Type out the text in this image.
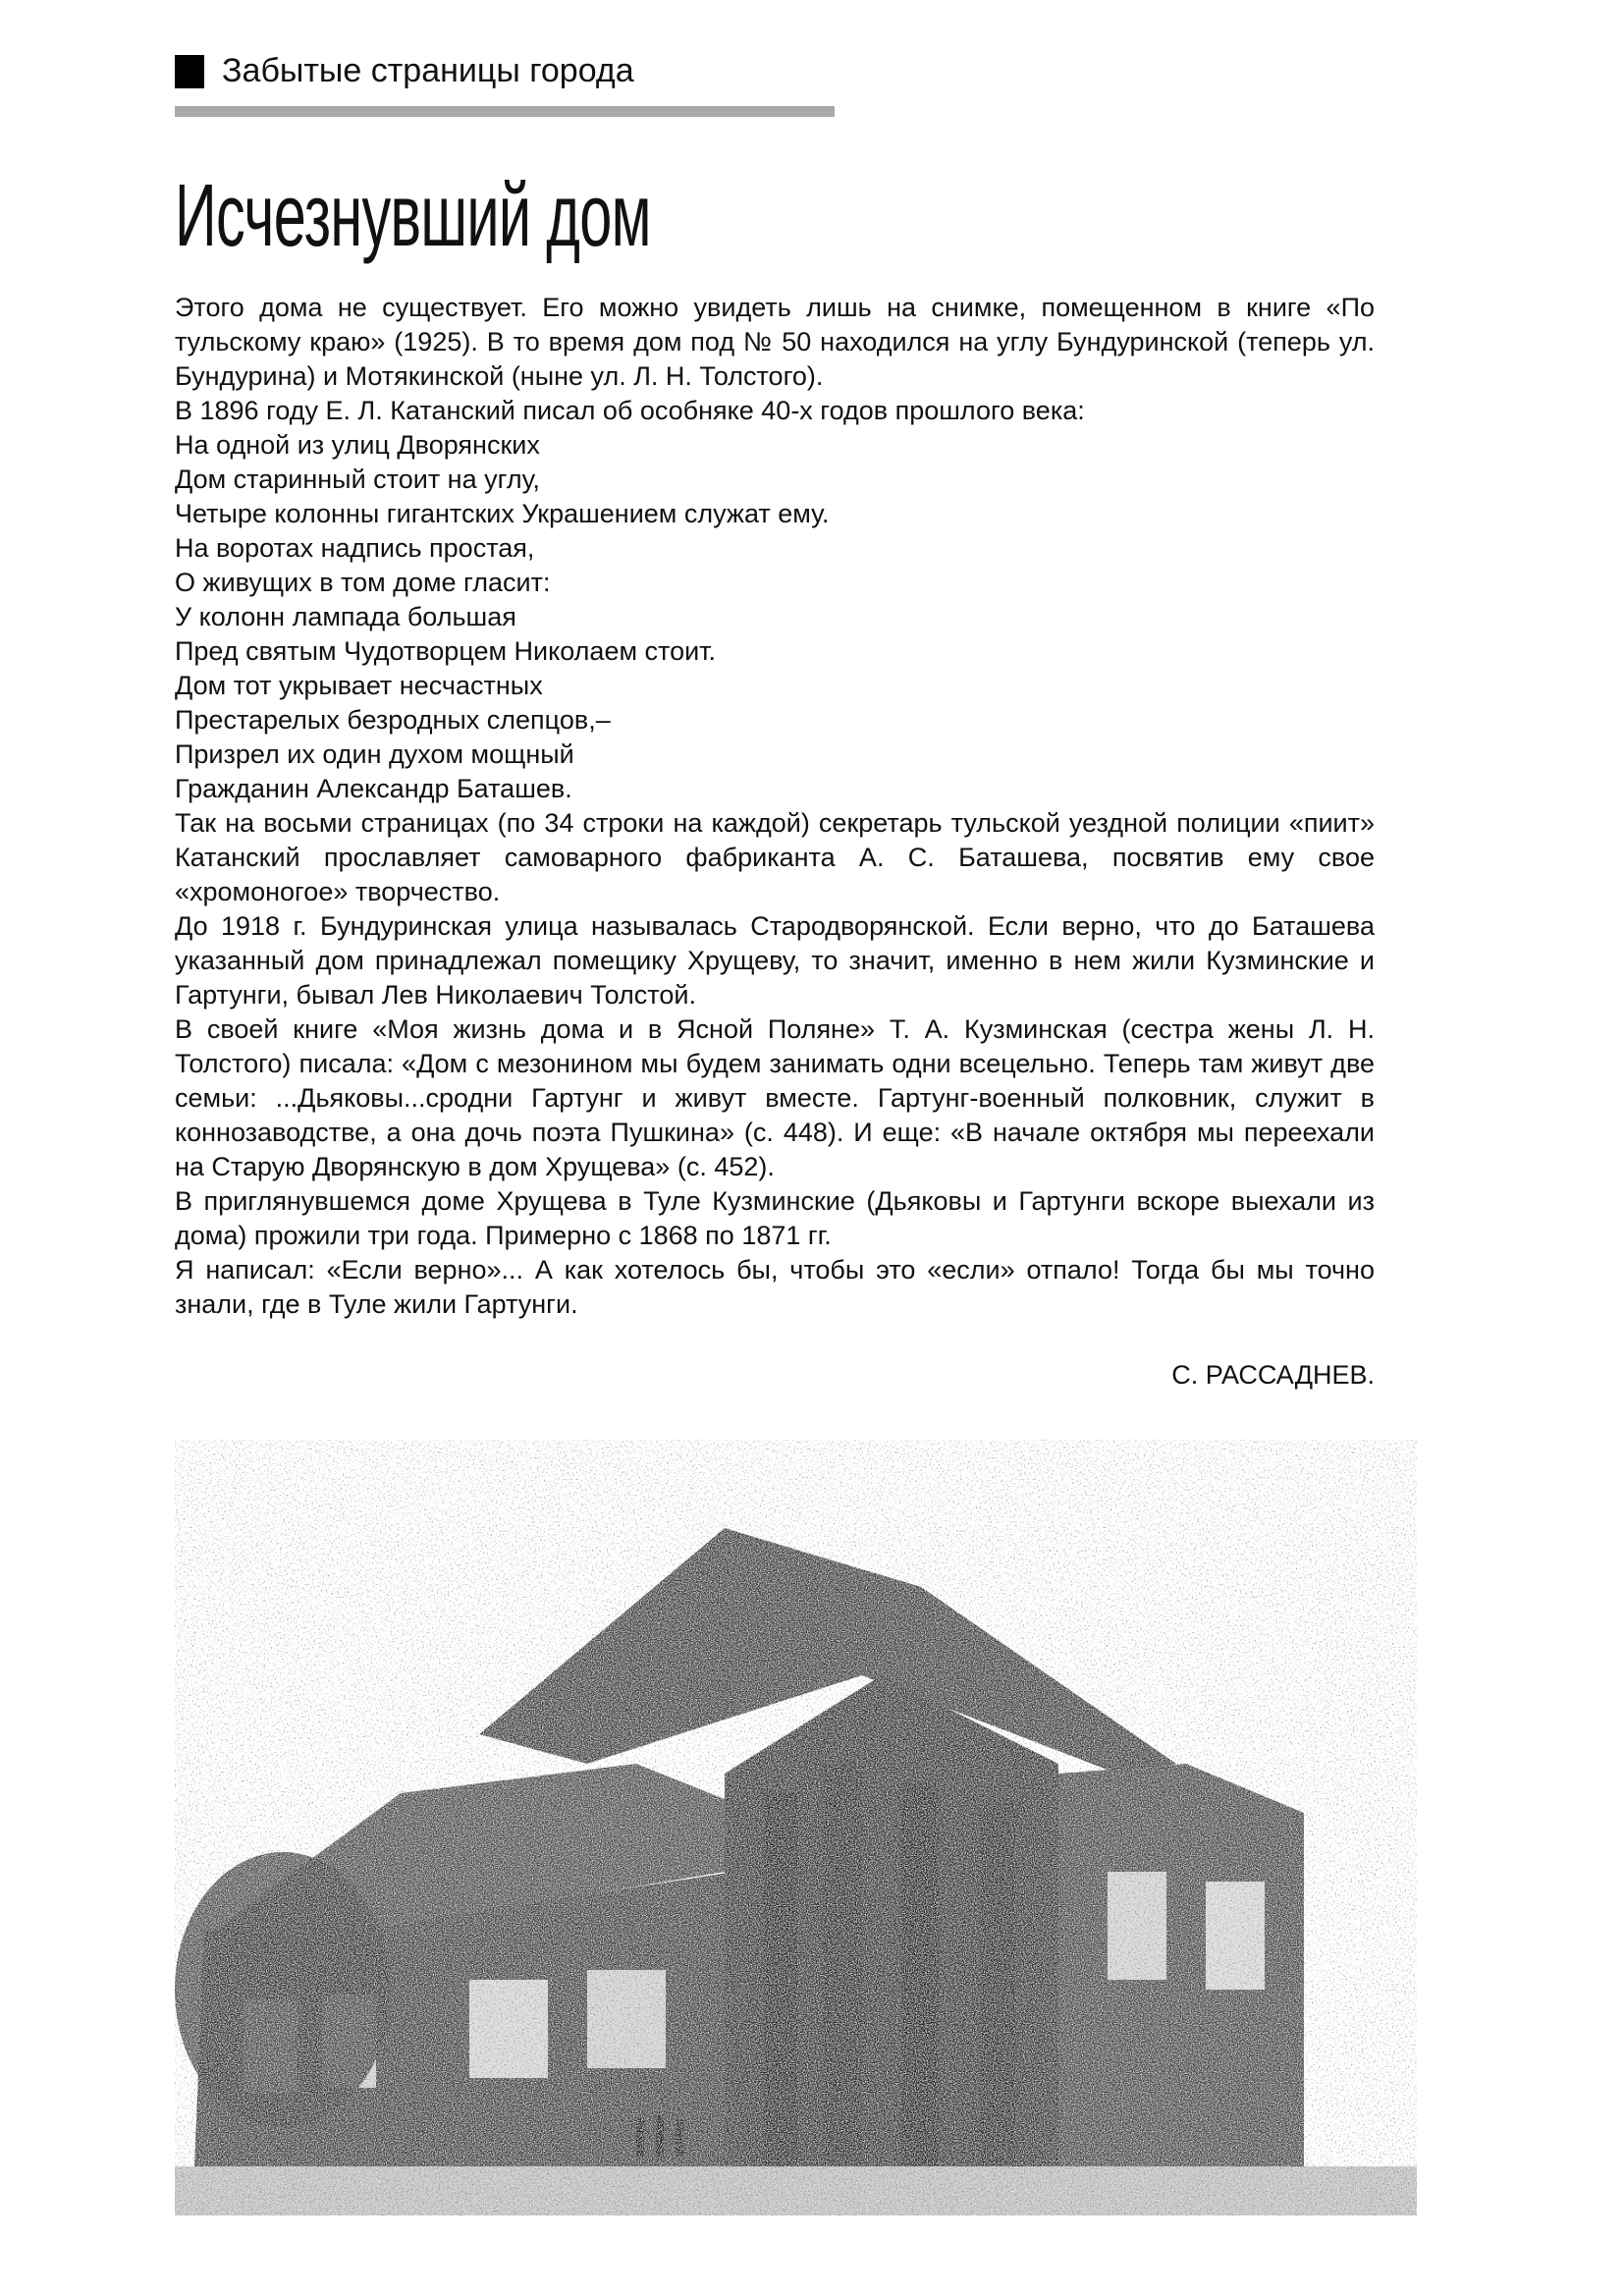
Забытые страницы города
Исчезнувший дом

Этого дома не существует. Его можно увидеть лишь на снимке, помещенном в книге «По тульскому краю» (1925). В то время дом под № 50 находился на углу Бундуринской (теперь ул. Бундурина) и Мотякинской (ныне ул. Л. Н. Толстого).

В 1896 году Е. Л. Катанский писал об особняке 40-х годов прошлого века:

На одной из улиц Дворянских
Дом старинный стоит на углу,
Четыре колонны гигантских Украшением служат ему.
На воротах надпись простая,
О живущих в том доме гласит:
У колонн лампада большая
Пред святым Чудотворцем Николаем стоит.
Дом тот укрывает несчастных
Престарелых безродных слепцов,–
Призрел их один духом мощный
Гражданин Александр Баташев.

Так на восьми страницах (по 34 строки на каждой) секретарь тульской уездной полиции «пиит» Катанский прославляет самоварного фабриканта А. С. Баташева, посвятив ему свое «хромоногое» творчество.

До 1918 г. Бундуринская улица называлась Стародворянской. Если верно, что до Баташева указанный дом принадлежал помещику Хрущеву, то значит, именно в нем жили Кузминские и Гартунги, бывал Лев Николаевич Толстой.

В своей книге «Моя жизнь дома и в Ясной Поляне» Т. А. Кузминская (сестра жены Л. Н. Толстого) писала: «Дом с мезонином мы будем занимать одни всецельно. Теперь там живут две семьи: ...Дьяковы...сродни Гартунг и живут вместе. Гартунг-военный полковник, служит в коннозаводстве, а она дочь поэта Пушкина» (с. 448). И еще: «В начале октября мы переехали на Старую Дворянскую в дом Хрущева» (с. 452).

В приглянувшемся доме Хрущева в Туле Кузминские (Дьяковы и Гартунги вскоре выехали из дома) прожили три года. Примерно с 1868 по 1871 гг.

Я написал: «Если верно»... А как хотелось бы, чтобы это «если» отпало! Тогда бы мы точно знали, где в Туле жили Гартунги.

С. РАССАДНЕВ.
